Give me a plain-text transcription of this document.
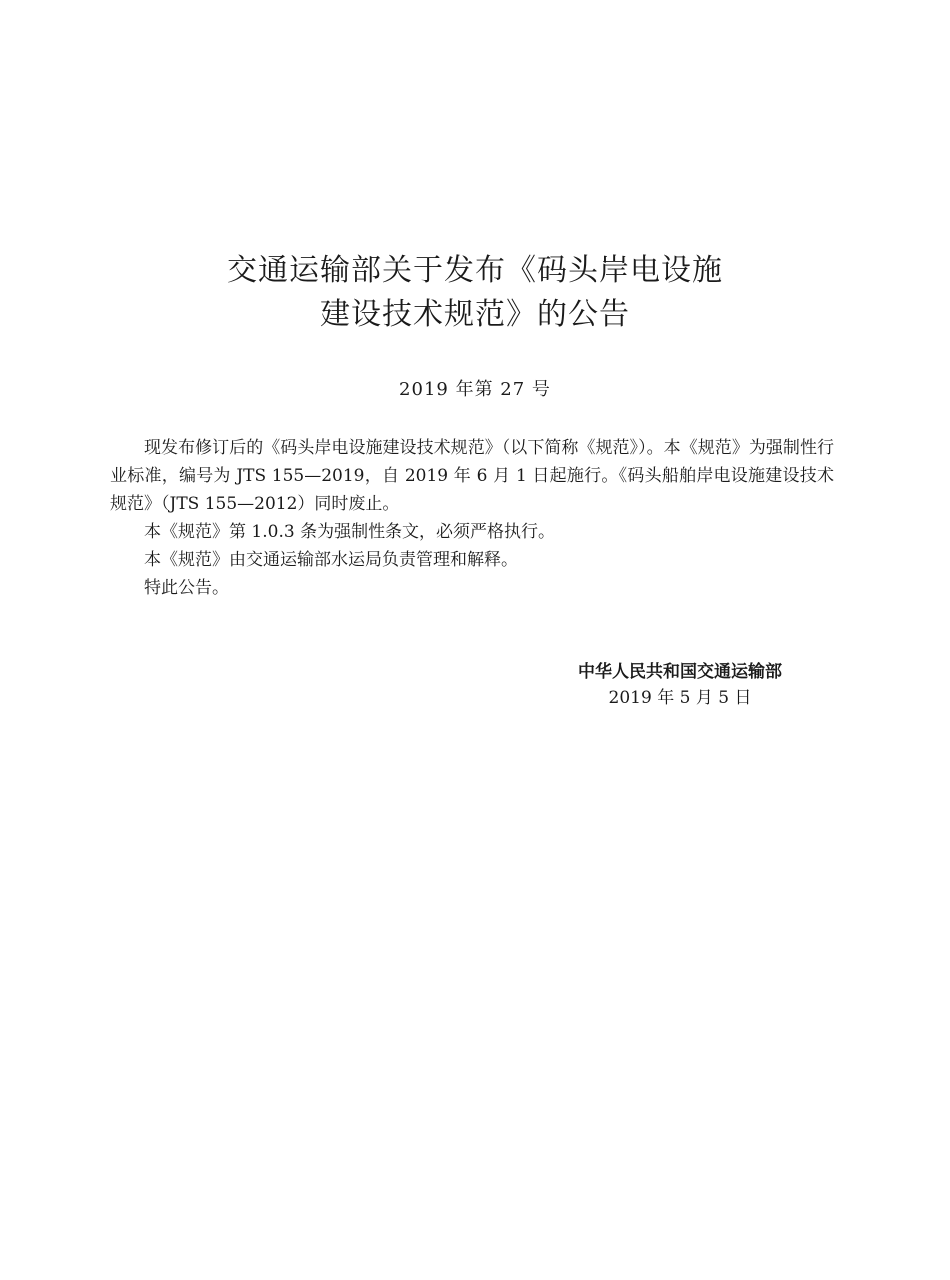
交通运输部关于发布《码头岸电设施
建设技术规范》的公告
2019 年第 27 号

现发布修订后的《码头岸电设施建设技术规范》（以下简称《规范》）。本《规范》为强制性行业标准，编号为 JTS 155—2019，自 2019 年 6 月 1 日起施行。《码头船舶岸电设施建设技术规范》（JTS 155—2012）同时废止。

本《规范》第 1.0.3 条为强制性条文，必须严格执行。

本《规范》由交通运输部水运局负责管理和解释。

特此公告。

中华人民共和国交通运输部
2019 年 5 月 5 日
